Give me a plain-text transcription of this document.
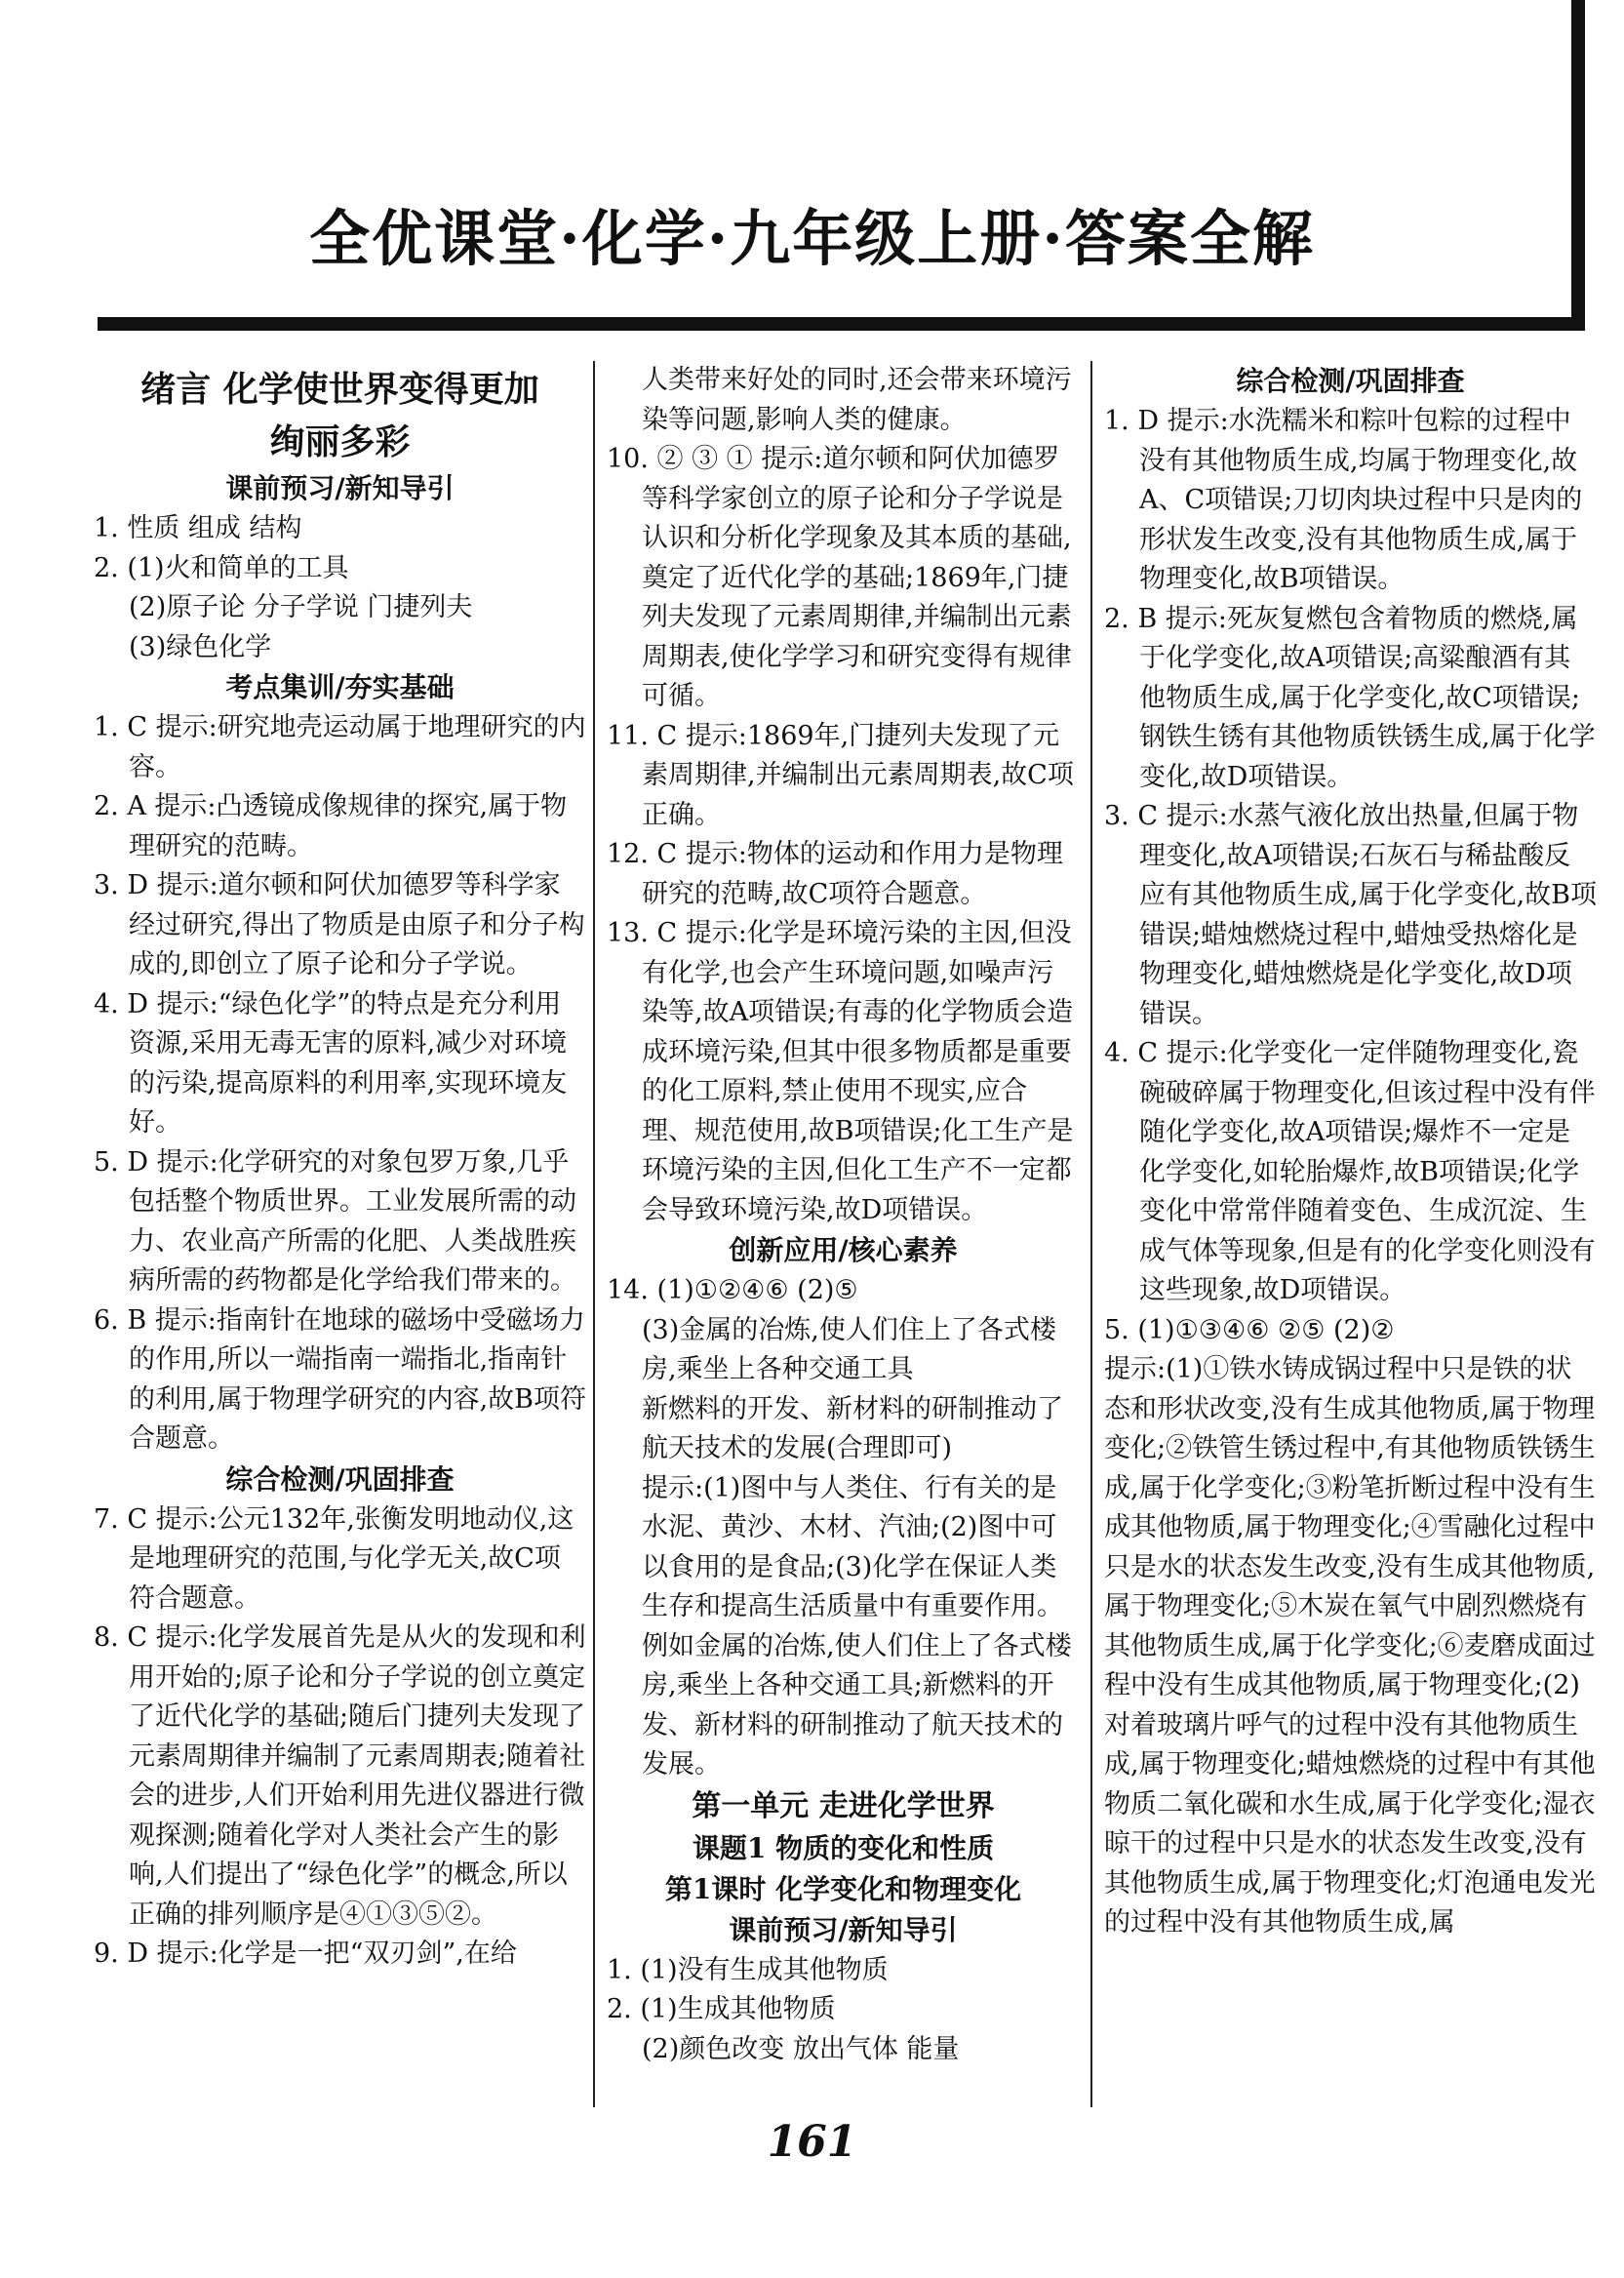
全优课堂·化学·九年级上册·答案全解
绪言 化学使世界变得更加
绚丽多彩
课前预习/新知导引
1. 性质 组成 结构
2. (1)火和简单的工具
(2)原子论 分子学说 门捷列夫
(3)绿色化学
考点集训/夯实基础
1. C 提示:研究地壳运动属于地理研究的内容。
2. A 提示:凸透镜成像规律的探究,属于物理研究的范畴。
3. D 提示:道尔顿和阿伏加德罗等科学家经过研究,得出了物质是由原子和分子构成的,即创立了原子论和分子学说。
4. D 提示:“绿色化学”的特点是充分利用资源,采用无毒无害的原料,减少对环境的污染,提高原料的利用率,实现环境友好。
5. D 提示:化学研究的对象包罗万象,几乎包括整个物质世界。工业发展所需的动力、农业高产所需的化肥、人类战胜疾病所需的药物都是化学给我们带来的。
6. B 提示:指南针在地球的磁场中受磁场力的作用,所以一端指南一端指北,指南针的利用,属于物理学研究的内容,故B项符合题意。
综合检测/巩固排查
7. C 提示:公元132年,张衡发明地动仪,这是地理研究的范围,与化学无关,故C项符合题意。
8. C 提示:化学发展首先是从火的发现和利用开始的;原子论和分子学说的创立奠定了近代化学的基础;随后门捷列夫发现了元素周期律并编制了元素周期表;随着社会的进步,人们开始利用先进仪器进行微观探测;随着化学对人类社会产生的影响,人们提出了“绿色化学”的概念,所以正确的排列顺序是④①③⑤②。
9. D 提示:化学是一把“双刃剑”,在给
人类带来好处的同时,还会带来环境污染等问题,影响人类的健康。
10. ② ③ ① 提示:道尔顿和阿伏加德罗等科学家创立的原子论和分子学说是认识和分析化学现象及其本质的基础,奠定了近代化学的基础;1869年,门捷列夫发现了元素周期律,并编制出元素周期表,使化学学习和研究变得有规律可循。
11. C 提示:1869年,门捷列夫发现了元素周期律,并编制出元素周期表,故C项正确。
12. C 提示:物体的运动和作用力是物理研究的范畴,故C项符合题意。
13. C 提示:化学是环境污染的主因,但没有化学,也会产生环境问题,如噪声污染等,故A项错误;有毒的化学物质会造成环境污染,但其中很多物质都是重要的化工原料,禁止使用不现实,应合理、规范使用,故B项错误;化工生产是环境污染的主因,但化工生产不一定都会导致环境污染,故D项错误。
创新应用/核心素养
14. (1)①②④⑥ (2)⑤
(3)金属的冶炼,使人们住上了各式楼房,乘坐上各种交通工具
新燃料的开发、新材料的研制推动了航天技术的发展(合理即可)
提示:(1)图中与人类住、行有关的是水泥、黄沙、木材、汽油;(2)图中可以食用的是食品;(3)化学在保证人类生存和提高生活质量中有重要作用。例如金属的冶炼,使人们住上了各式楼房,乘坐上各种交通工具;新燃料的开发、新材料的研制推动了航天技术的发展。
第一单元 走进化学世界
课题1 物质的变化和性质
第1课时 化学变化和物理变化
课前预习/新知导引
1. (1)没有生成其他物质
2. (1)生成其他物质
(2)颜色改变 放出气体 能量
综合检测/巩固排查
1. D 提示:水洗糯米和粽叶包粽的过程中没有其他物质生成,均属于物理变化,故A、C项错误;刀切肉块过程中只是肉的形状发生改变,没有其他物质生成,属于物理变化,故B项错误。
2. B 提示:死灰复燃包含着物质的燃烧,属于化学变化,故A项错误;高粱酿酒有其他物质生成,属于化学变化,故C项错误;钢铁生锈有其他物质铁锈生成,属于化学变化,故D项错误。
3. C 提示:水蒸气液化放出热量,但属于物理变化,故A项错误;石灰石与稀盐酸反应有其他物质生成,属于化学变化,故B项错误;蜡烛燃烧过程中,蜡烛受热熔化是物理变化,蜡烛燃烧是化学变化,故D项错误。
4. C 提示:化学变化一定伴随物理变化,瓷碗破碎属于物理变化,但该过程中没有伴随化学变化,故A项错误;爆炸不一定是化学变化,如轮胎爆炸,故B项错误;化学变化中常常伴随着变色、生成沉淀、生成气体等现象,但是有的化学变化则没有这些现象,故D项错误。
5. (1)①③④⑥ ②⑤ (2)②
提示:(1)①铁水铸成锅过程中只是铁的状态和形状改变,没有生成其他物质,属于物理变化;②铁管生锈过程中,有其他物质铁锈生成,属于化学变化;③粉笔折断过程中没有生成其他物质,属于物理变化;④雪融化过程中只是水的状态发生改变,没有生成其他物质,属于物理变化;⑤木炭在氧气中剧烈燃烧有其他物质生成,属于化学变化;⑥麦磨成面过程中没有生成其他物质,属于物理变化;(2)对着玻璃片呼气的过程中没有其他物质生成,属于物理变化;蜡烛燃烧的过程中有其他物质二氧化碳和水生成,属于化学变化;湿衣晾干的过程中只是水的状态发生改变,没有其他物质生成,属于物理变化;灯泡通电发光的过程中没有其他物质生成,属
161
